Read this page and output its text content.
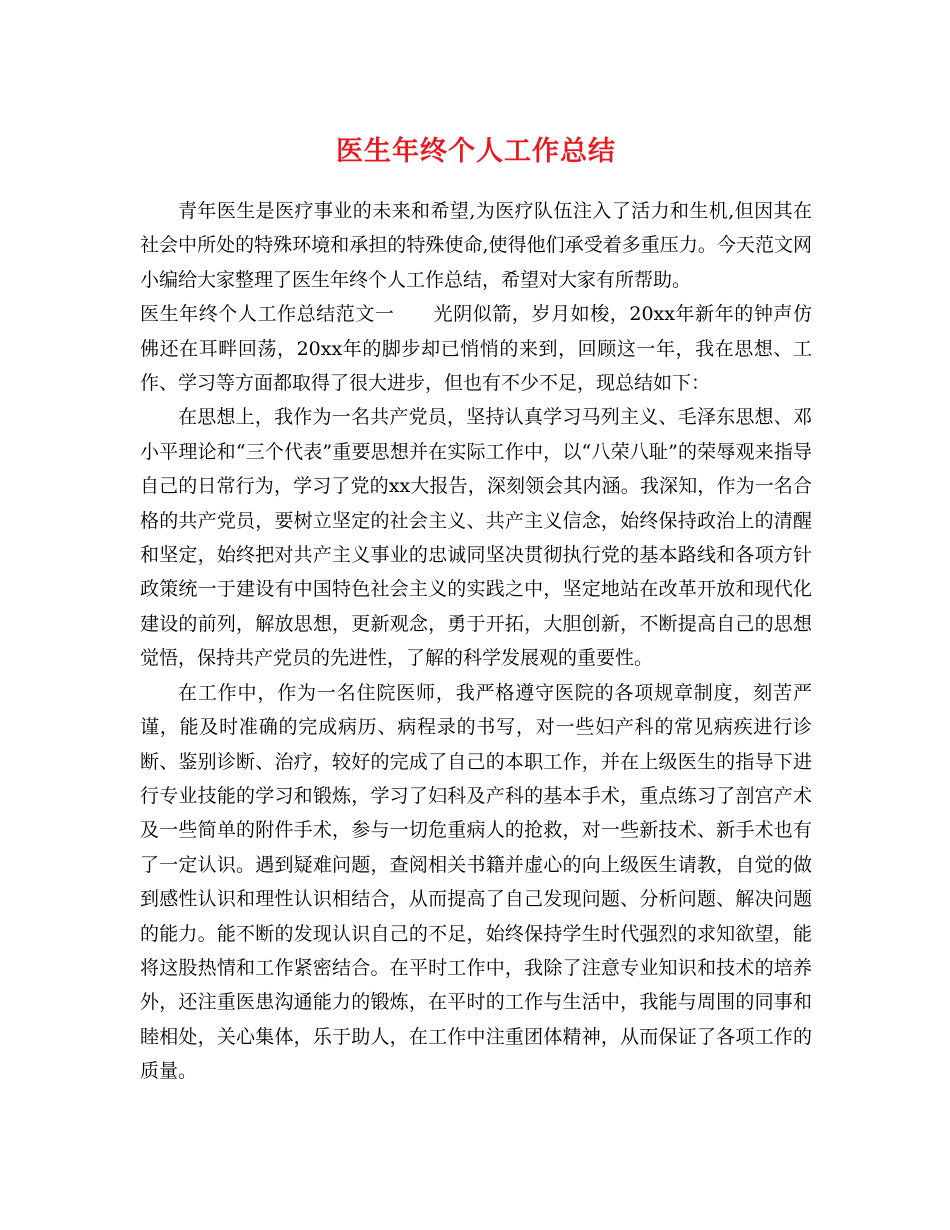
医生年终个人工作总结

青年医生是医疗事业的未来和希望,为医疗队伍注入了活力和生机,但因其在社会中所处的特殊环境和承担的特殊使命,使得他们承受着多重压力。今天范文网小编给大家整理了医生年终个人工作总结，希望对大家有所帮助。

医生年终个人工作总结范文一　　光阴似箭，岁月如梭，20xx年新年的钟声仿佛还在耳畔回荡，20xx年的脚步却已悄悄的来到，回顾这一年，我在思想、工作、学习等方面都取得了很大进步，但也有不少不足，现总结如下：

在思想上，我作为一名共产党员，坚持认真学习马列主义、毛泽东思想、邓小平理论和“三个代表”重要思想并在实际工作中，以“八荣八耻”的荣辱观来指导自己的日常行为，学习了党的xx大报告，深刻领会其内涵。我深知，作为一名合格的共产党员，要树立坚定的社会主义、共产主义信念，始终保持政治上的清醒和坚定，始终把对共产主义事业的忠诚同坚决贯彻执行党的基本路线和各项方针政策统一于建设有中国特色社会主义的实践之中，坚定地站在改革开放和现代化建设的前列，解放思想，更新观念，勇于开拓，大胆创新，不断提高自己的思想觉悟，保持共产党员的先进性，了解的科学发展观的重要性。

在工作中，作为一名住院医师，我严格遵守医院的各项规章制度，刻苦严谨，能及时准确的完成病历、病程录的书写，对一些妇产科的常见病疾进行诊断、鉴别诊断、治疗，较好的完成了自己的本职工作，并在上级医生的指导下进行专业技能的学习和锻炼，学习了妇科及产科的基本手术，重点练习了剖宫产术及一些简单的附件手术，参与一切危重病人的抢救，对一些新技术、新手术也有了一定认识。遇到疑难问题，查阅相关书籍并虚心的向上级医生请教，自觉的做到感性认识和理性认识相结合，从而提高了自己发现问题、分析问题、解决问题的能力。能不断的发现认识自己的不足，始终保持学生时代强烈的求知欲望，能将这股热情和工作紧密结合。在平时工作中，我除了注意专业知识和技术的培养外，还注重医患沟通能力的锻炼，在平时的工作与生活中，我能与周围的同事和睦相处，关心集体，乐于助人，在工作中注重团体精神，从而保证了各项工作的质量。
